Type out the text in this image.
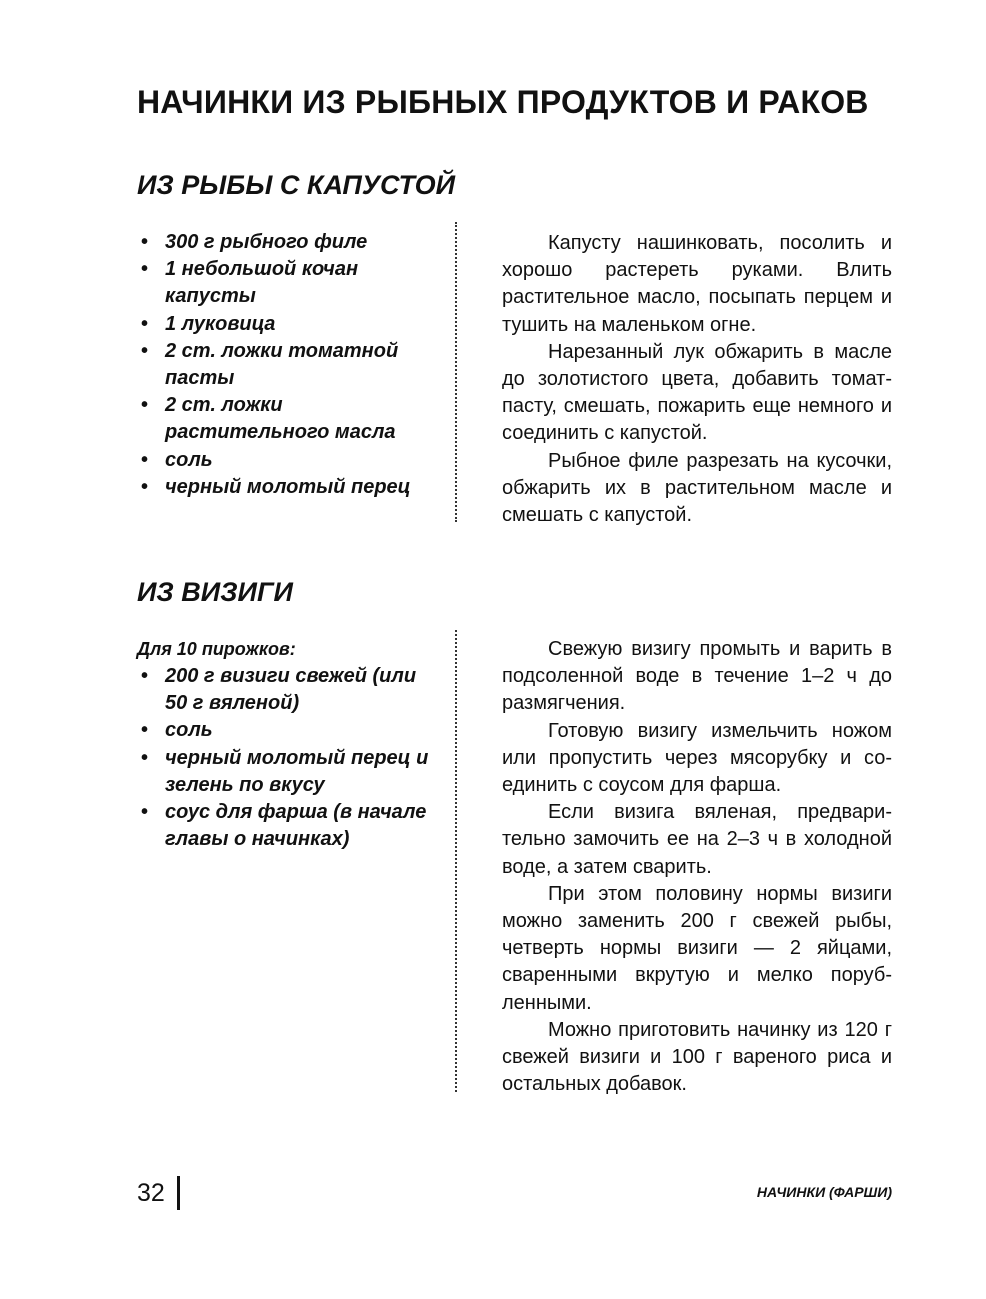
НАЧИНКИ ИЗ РЫБНЫХ ПРОДУКТОВ И РАКОВ
ИЗ РЫБЫ С КАПУСТОЙ
• 300 г рыбного филе
• 1 небольшой кочан капусты
• 1 луковица
• 2 ст. ложки томатной пасты
• 2 ст. ложки растительного масла
• соль
• черный молотый перец

Капусту нашинковать, посолить и хорошо растереть руками. Влить растительное масло, посыпать перцем и тушить на маленьком огне.

Нарезанный лук обжарить в масле до золотистого цвета, добавить томат-пасту, смешать, пожарить еще немного и соединить с капустой.

Рыбное филе разрезать на кусочки, обжарить их в растительном масле и смешать с капустой.

ИЗ ВИЗИГИ
Для 10 пирожков:
• 200 г визиги свежей (или 50 г вяленой)
• соль
• черный молотый перец и зелень по вкусу
• соус для фарша (в начале главы о начинках)

Свежую визигу промыть и варить в подсоленной воде в течение 1–2 ч до размягчения.

Готовую визигу измельчить ножом или пропустить через мясорубку и соединить с соусом для фарша.

Если визига вяленая, предварительно замочить ее на 2–3 ч в холодной воде, а затем сварить.

При этом половину нормы визиги можно заменить 200 г свежей рыбы, четверть нормы визиги — 2 яйцами, сваренными вкрутую и мелко порубленными.

Можно приготовить начинку из 120 г свежей визиги и 100 г вареного риса и остальных добавок.

32	НАЧИНКИ (ФАРШИ)
